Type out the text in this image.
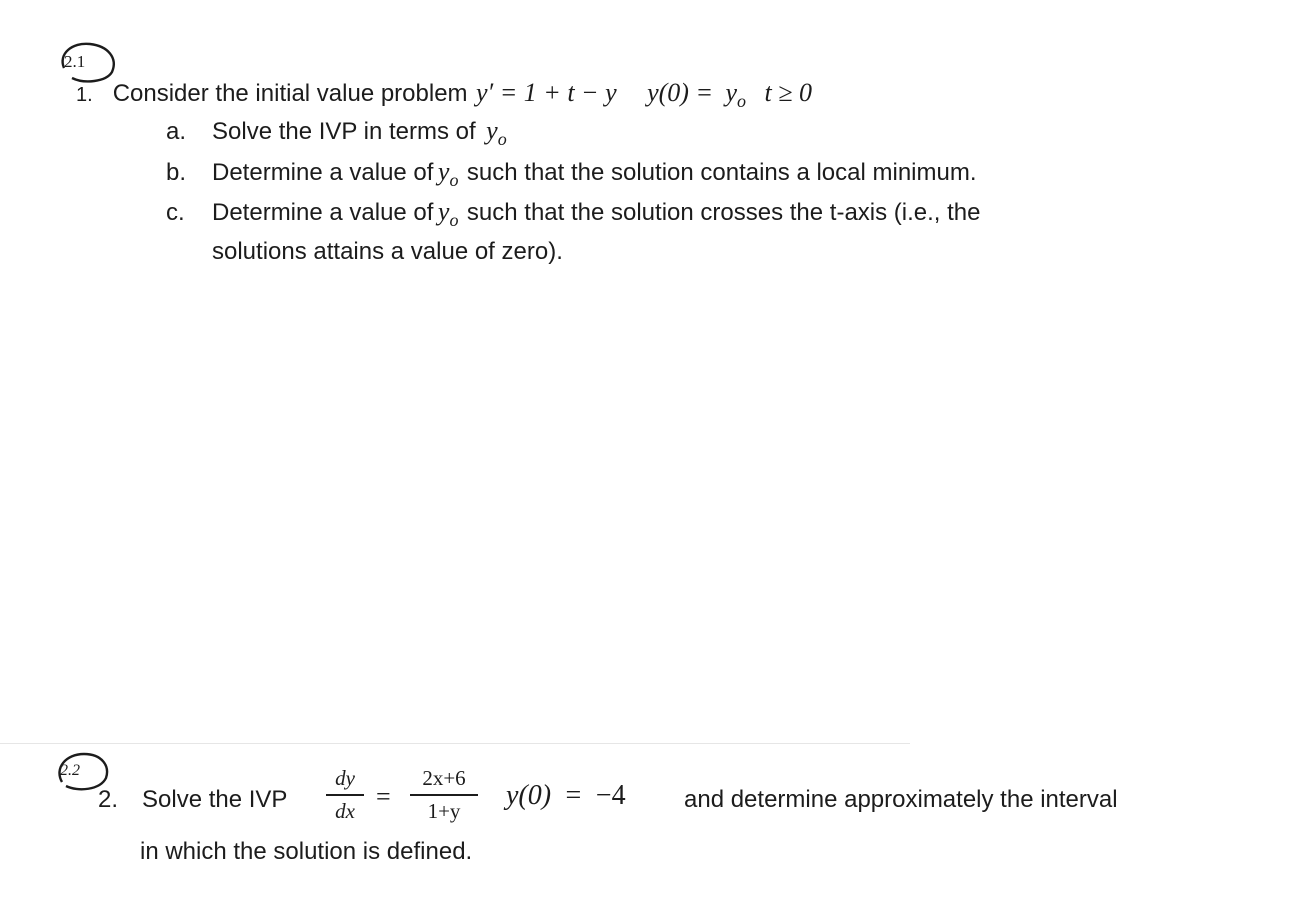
2.1
1. Consider the initial value problem y′ = 1 + t − y $y(0) = y_o$ t ≥ 0
a. Solve the IVP in terms of $y_o$
b. Determine a value of $y_o$ such that the solution contains a local minimum.
c. Determine a value of $y_o$ such that the solution crosses the t-axis (i.e., the
solutions attains a value of zero).
2.2
2. Solve the IVP
dy
dx =
2x+6
1+y	y(0) = −4 and determine approximately the interval
in which the solution is defined.
